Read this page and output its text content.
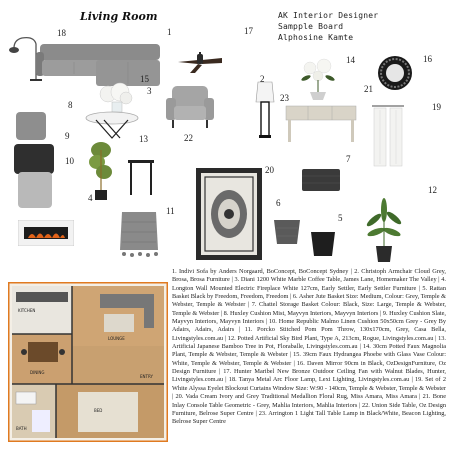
Living Room	AK Interior Designer
Sampple Board
Alphosine Kamte
KITCHEN
LOUNGE
DINING
BED
BATH
ENTRY
1
2
3
4
5
6
7
8
9
10
11
12
13
14
15
16
17
18
19
20
21
22
23
1. Indivi Sofa by Anders Norgaard, BoConcept, BoConcept Sydney | 2. Christoph Armchair Cloud Grey, Brosa, Brosa Furniture | 3. Diani 1200 White Marble Coffee Table, James Lane, Homemaker The Valley | 4. Longton Wall Mounted Electric Fireplace White 127cm, Early Settler, Early Settler Furniture | 5. Rattan Basket Black by Freedom, Freedom, Freedom | 6. Asher Jute Basket Size: Medium, Colour: Grey, Temple & Webster, Temple & Webster | 7. Chattel Storage Basket Colour: Black, Size: Large, Temple & Webster, Temple & Webster | 8. Huxley Cushion Mist, Mayvyn Interiors, Mayvyn Interiors | 9. Huxley Cushion Slate, Mayvyn Interiors, Mayvyn Interiors | 10. Home Republic Malmo Linen Cushion 50x50cm Grey - Grey By Adairs, Adairs, Adairs | 11. Porcko Stitched Pom Pom Throw, 130x170cm, Grey, Casa Bella, Livingstyles.com.au | 12. Potted Artificial Sky Bird Plant, Type A, 213cm, Rogue, Livingstyles.com.au | 13. Artificial Japanese Bamboo Tree in Pot, Floraballe, Livingstyles.com.au | 14. 30cm Potted Faux Magnolia Plant, Temple & Webster, Temple & Webster | 15. 39cm Faux Hydrangea Phoebe with Glass Vase Colour: White, Temple & Webster, Temple & Webster | 16. Daven Mirror 90cm in Black, OzDesignFurniture, Oz Design Furniture | 17. Hunter Maribel New Bronze Outdoor Ceiling Fan with Walnut Blades, Hunter, Livingstyles.com.au | 18. Tanya Metal Arc Floor Lamp, Lexi Lighting, Livingstyles.com.au | 19. Set of 2 White Alyssa Eyelet Blockout Curtains Window Size: W:90 - 140cm, Temple & Webster, Temple & Webster | 20. Vada Cream Ivory and Grey Traditional Medallion Floral Rug, Miss Amara, Miss Amara | 21. Bone Inlay Console Table Geometric - Grey, Mahlia Interiors, Mahlia Interiors | 22. Union Side Table, Oz Design Furniture, Belrose Super Centre | 23. Arrington 1 Light Tall Table Lamp in Black/White, Beacon Lighting, Belrose Super Centre
